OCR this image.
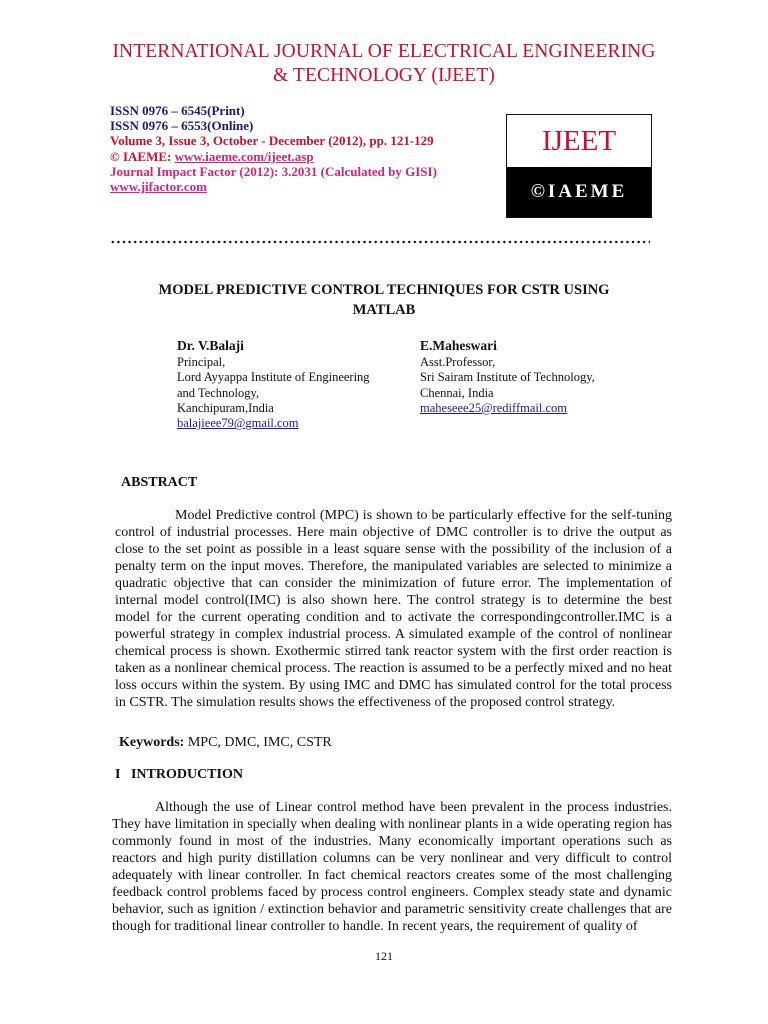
INTERNATIONAL JOURNAL OF ELECTRICAL ENGINEERING
& TECHNOLOGY (IJEET)
ISSN 0976 – 6545(Print)
ISSN 0976 – 6553(Online)
Volume 3, Issue 3, October - December (2012), pp. 121-129
© IAEME: www.iaeme.com/ijeet.asp
Journal Impact Factor (2012): 3.2031 (Calculated by GISI)
www.jifactor.com
IJEET
©IAEME
MODEL PREDICTIVE CONTROL TECHNIQUES FOR CSTR USING
MATLAB
Dr. V.Balaji
Principal,
Lord Ayyappa Institute of Engineering
and Technology,
Kanchipuram,India
balajieee79@gmail.com
E.Maheswari
Asst.Professor,
Sri Sairam Institute of Technology,
Chennai, India
maheseee25@rediffmail.com
ABSTRACT
Model Predictive control (MPC) is shown to be particularly effective for the self-tuning control of industrial processes. Here main objective of DMC controller is to drive the output as close to the set point as possible in a least square sense with the possibility of the inclusion of a penalty term on the input moves. Therefore, the manipulated variables are selected to minimize a quadratic objective that can consider the minimization of future error. The implementation of internal model control(IMC) is also shown here. The control strategy is to determine the best model for the current operating condition and to activate the correspondingcontroller.IMC is a powerful strategy in complex industrial process. A simulated example of the control of nonlinear chemical process is shown. Exothermic stirred tank reactor system with the first order reaction is taken as a nonlinear chemical process. The reaction is assumed to be a perfectly mixed and no heat loss occurs within the system. By using IMC and DMC has simulated control for the total process in CSTR. The simulation results shows the effectiveness of the proposed control strategy.
Keywords: MPC, DMC, IMC, CSTR
I   INTRODUCTION
Although the use of Linear control method have been prevalent in the process industries. They have limitation in specially when dealing with nonlinear plants in a wide operating region has commonly found in most of the industries. Many economically important operations such as reactors and high purity distillation columns can be very nonlinear and very difficult to control adequately with linear controller. In fact chemical reactors creates some of the most challenging feedback control problems faced by process control engineers. Complex steady state and dynamic behavior, such as ignition / extinction behavior and parametric sensitivity create challenges that are though for traditional linear controller to handle. In recent years, the requirement of quality of
121
